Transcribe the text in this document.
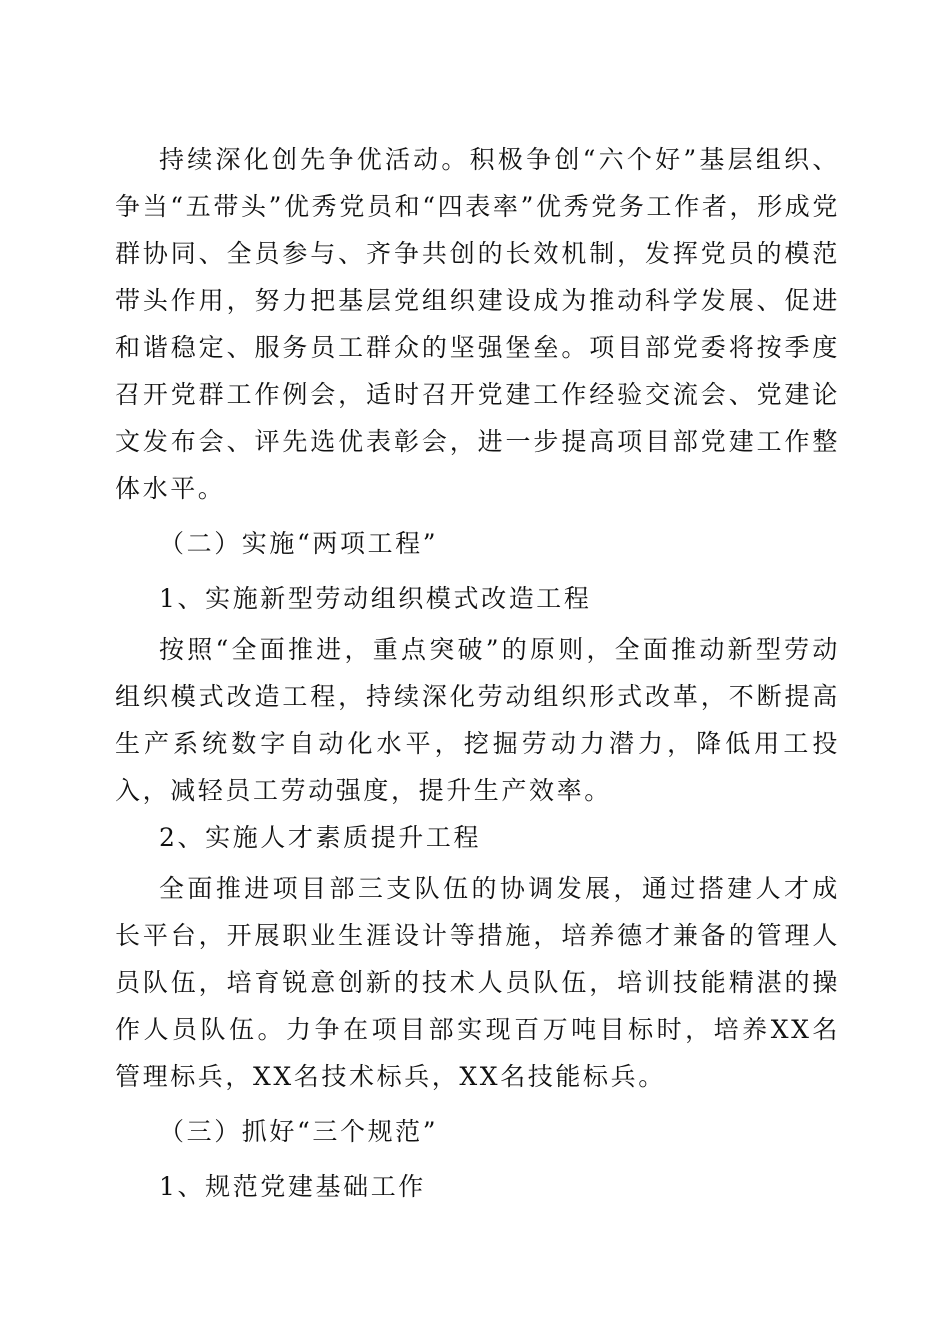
持续深化创先争优活动。积极争创“六个好”基层组织、争当“五带头”优秀党员和“四表率”优秀党务工作者，形成党群协同、全员参与、齐争共创的长效机制，发挥党员的模范带头作用，努力把基层党组织建设成为推动科学发展、促进和谐稳定、服务员工群众的坚强堡垒。项目部党委将按季度召开党群工作例会，适时召开党建工作经验交流会、党建论文发布会、评先选优表彰会，进一步提高项目部党建工作整体水平。

（二）实施“两项工程”

1、实施新型劳动组织模式改造工程

按照“全面推进，重点突破”的原则，全面推动新型劳动组织模式改造工程，持续深化劳动组织形式改革，不断提高生产系统数字自动化水平，挖掘劳动力潜力，降低用工投入，减轻员工劳动强度，提升生产效率。

2、实施人才素质提升工程

全面推进项目部三支队伍的协调发展，通过搭建人才成长平台，开展职业生涯设计等措施，培养德才兼备的管理人员队伍，培育锐意创新的技术人员队伍，培训技能精湛的操作人员队伍。力争在项目部实现百万吨目标时，培养XX名管理标兵，XX名技术标兵，XX名技能标兵。

（三）抓好“三个规范”

1、规范党建基础工作
